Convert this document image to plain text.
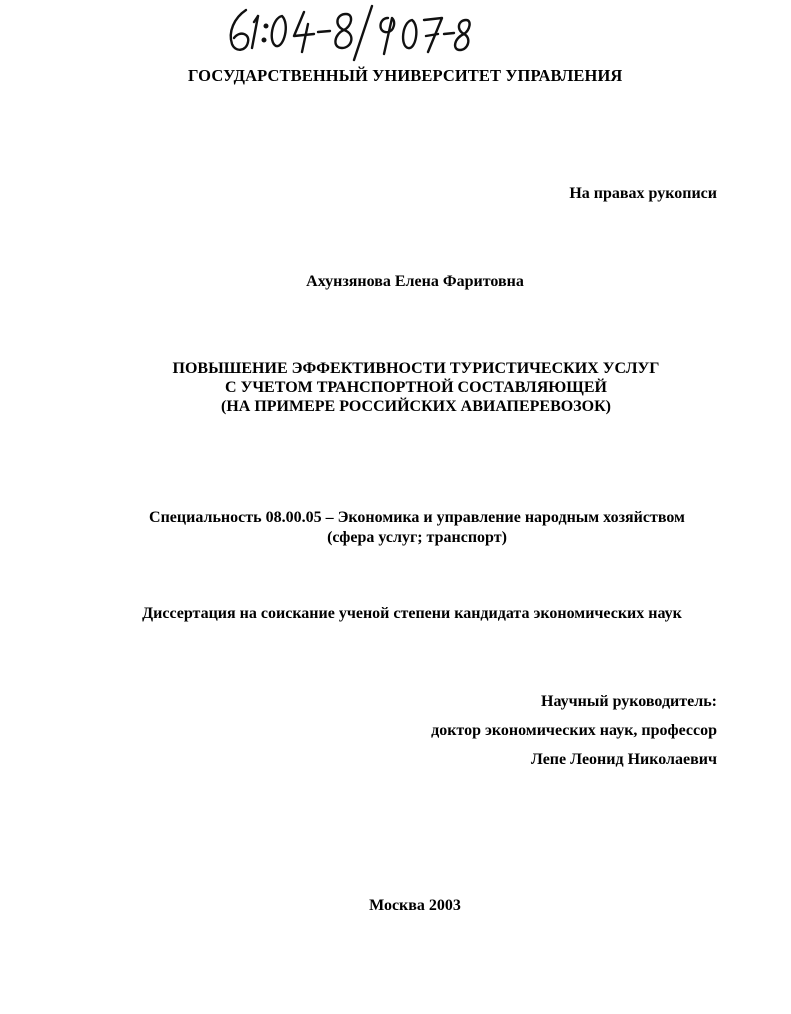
ГОСУДАРСТВЕННЫЙ УНИВЕРСИТЕТ УПРАВЛЕНИЯ
На правах рукописи
Ахунзянова Елена Фаритовна
ПОВЫШЕНИЕ ЭФФЕКТИВНОСТИ ТУРИСТИЧЕСКИХ УСЛУГ
С УЧЕТОМ ТРАНСПОРТНОЙ СОСТАВЛЯЮЩЕЙ
(НА ПРИМЕРЕ РОССИЙСКИХ АВИАПЕРЕВОЗОК)
Специальность 08.00.05 – Экономика и управление народным хозяйством
(сфера услуг; транспорт)
Диссертация на соискание ученой степени кандидата экономических наук
Научный руководитель:
доктор экономических наук, профессор
Лепе Леонид Николаевич
Москва 2003
